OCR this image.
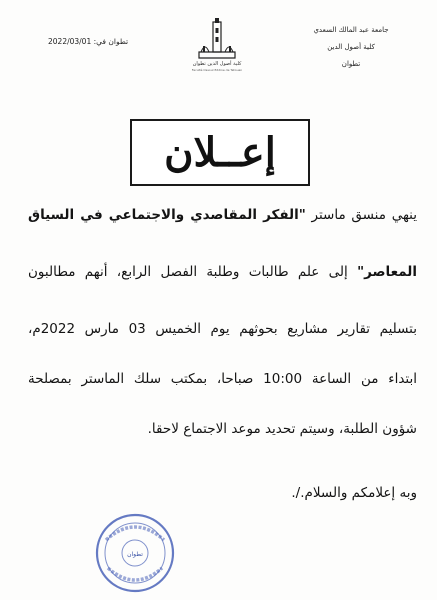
جامعة عبد المالك السعدي
كلية أصول الدين
تطوان
كلية أصول الدين تطوان
Faculté Ossoul Eddine de Tetouan
تطوان في: 2022/03/01
إعــلان
ينهي منسق ماستر "الفكر المقاصدي والاجتماعي في السياق
المعاصر" إلى علم طالبات وطلبة الفصل الرابع، أنهم مطالبون
بتسليم تقارير مشاريع بحوثهم يوم الخميس 03 مارس 2022م،
ابتداء من الساعة 10:00 صباحا، بمكتب سلك الماستر بمصلحة
شؤون الطلبة، وسيتم تحديد موعد الاجتماع لاحقا.
وبه إعلامكم والسلام./.
تطوان
